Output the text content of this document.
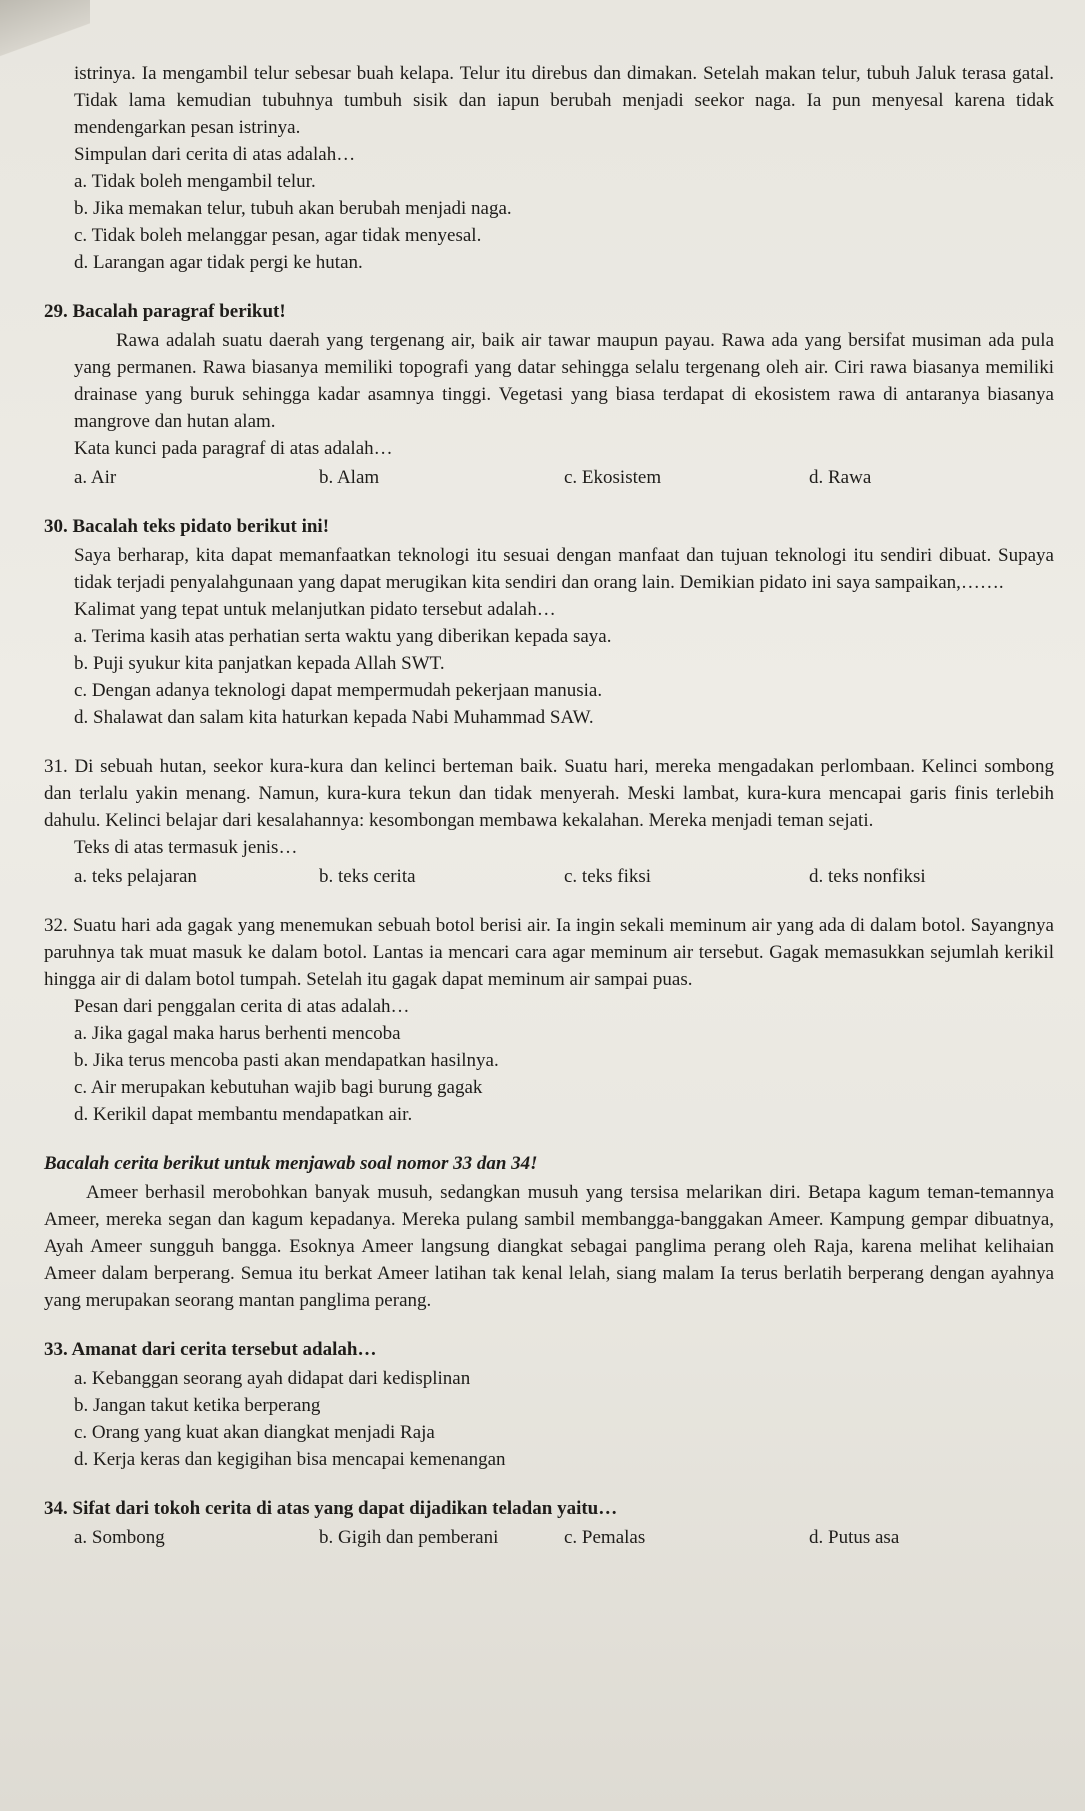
istrinya. Ia mengambil telur sebesar buah kelapa. Telur itu direbus dan dimakan. Setelah makan telur, tubuh Jaluk terasa gatal. Tidak lama kemudian tubuhnya tumbuh sisik dan iapun berubah menjadi seekor naga. Ia pun menyesal karena tidak mendengarkan pesan istrinya.

Simpulan dari cerita di atas adalah…

a. Tidak boleh mengambil telur.
b. Jika memakan telur, tubuh akan berubah menjadi naga.
c. Tidak boleh melanggar pesan, agar tidak menyesal.
d. Larangan agar tidak pergi ke hutan.

29. Bacalah paragraf berikut!

Rawa adalah suatu daerah yang tergenang air, baik air tawar maupun payau. Rawa ada yang bersifat musiman ada pula yang permanen. Rawa biasanya memiliki topografi yang datar sehingga selalu tergenang oleh air. Ciri rawa biasanya memiliki drainase yang buruk sehingga kadar asamnya tinggi. Vegetasi yang biasa terdapat di ekosistem rawa di antaranya biasanya mangrove dan hutan alam.

Kata kunci pada paragraf di atas adalah…

a. Air	b. Alam	c. Ekosistem	d. Rawa

30. Bacalah teks pidato berikut ini!

Saya berharap, kita dapat memanfaatkan teknologi itu sesuai dengan manfaat dan tujuan teknologi itu sendiri dibuat. Supaya tidak terjadi penyalahgunaan yang dapat merugikan kita sendiri dan orang lain. Demikian pidato ini saya sampaikan,…….

Kalimat yang tepat untuk melanjutkan pidato tersebut adalah…

a. Terima kasih atas perhatian serta waktu yang diberikan kepada saya.
b. Puji syukur kita panjatkan kepada Allah SWT.
c. Dengan adanya teknologi dapat mempermudah pekerjaan manusia.
d. Shalawat dan salam kita haturkan kepada Nabi Muhammad SAW.

31. Di sebuah hutan, seekor kura-kura dan kelinci berteman baik. Suatu hari, mereka mengadakan perlombaan. Kelinci sombong dan terlalu yakin menang. Namun, kura-kura tekun dan tidak menyerah. Meski lambat, kura-kura mencapai garis finis terlebih dahulu. Kelinci belajar dari kesalahannya: kesombongan membawa kekalahan. Mereka menjadi teman sejati.

Teks di atas termasuk jenis…

a. teks pelajaran	b. teks cerita	c. teks fiksi	d. teks nonfiksi

32. Suatu hari ada gagak yang menemukan sebuah botol berisi air. Ia ingin sekali meminum air yang ada di dalam botol. Sayangnya paruhnya tak muat masuk ke dalam botol. Lantas ia mencari cara agar meminum air tersebut. Gagak memasukkan sejumlah kerikil hingga air di dalam botol tumpah. Setelah itu gagak dapat meminum air sampai puas.

Pesan dari penggalan cerita di atas adalah…

a. Jika gagal maka harus berhenti mencoba
b. Jika terus mencoba pasti akan mendapatkan hasilnya.
c. Air merupakan kebutuhan wajib bagi burung gagak
d. Kerikil dapat membantu mendapatkan air.

Bacalah cerita berikut untuk menjawab soal nomor 33 dan 34!

Ameer berhasil merobohkan banyak musuh, sedangkan musuh yang tersisa melarikan diri. Betapa kagum teman-temannya Ameer, mereka segan dan kagum kepadanya. Mereka pulang sambil membangga-banggakan Ameer. Kampung gempar dibuatnya, Ayah Ameer sungguh bangga. Esoknya Ameer langsung diangkat sebagai panglima perang oleh Raja, karena melihat kelihaian Ameer dalam berperang. Semua itu berkat Ameer latihan tak kenal lelah, siang malam Ia terus berlatih berperang dengan ayahnya yang merupakan seorang mantan panglima perang.

33. Amanat dari cerita tersebut adalah…

a. Kebanggan seorang ayah didapat dari kedisplinan
b. Jangan takut ketika berperang
c. Orang yang kuat akan diangkat menjadi Raja
d. Kerja keras dan kegigihan bisa mencapai kemenangan

34. Sifat dari tokoh cerita di atas yang dapat dijadikan teladan yaitu…

a. Sombong	b. Gigih dan pemberani	c. Pemalas	d. Putus asa
